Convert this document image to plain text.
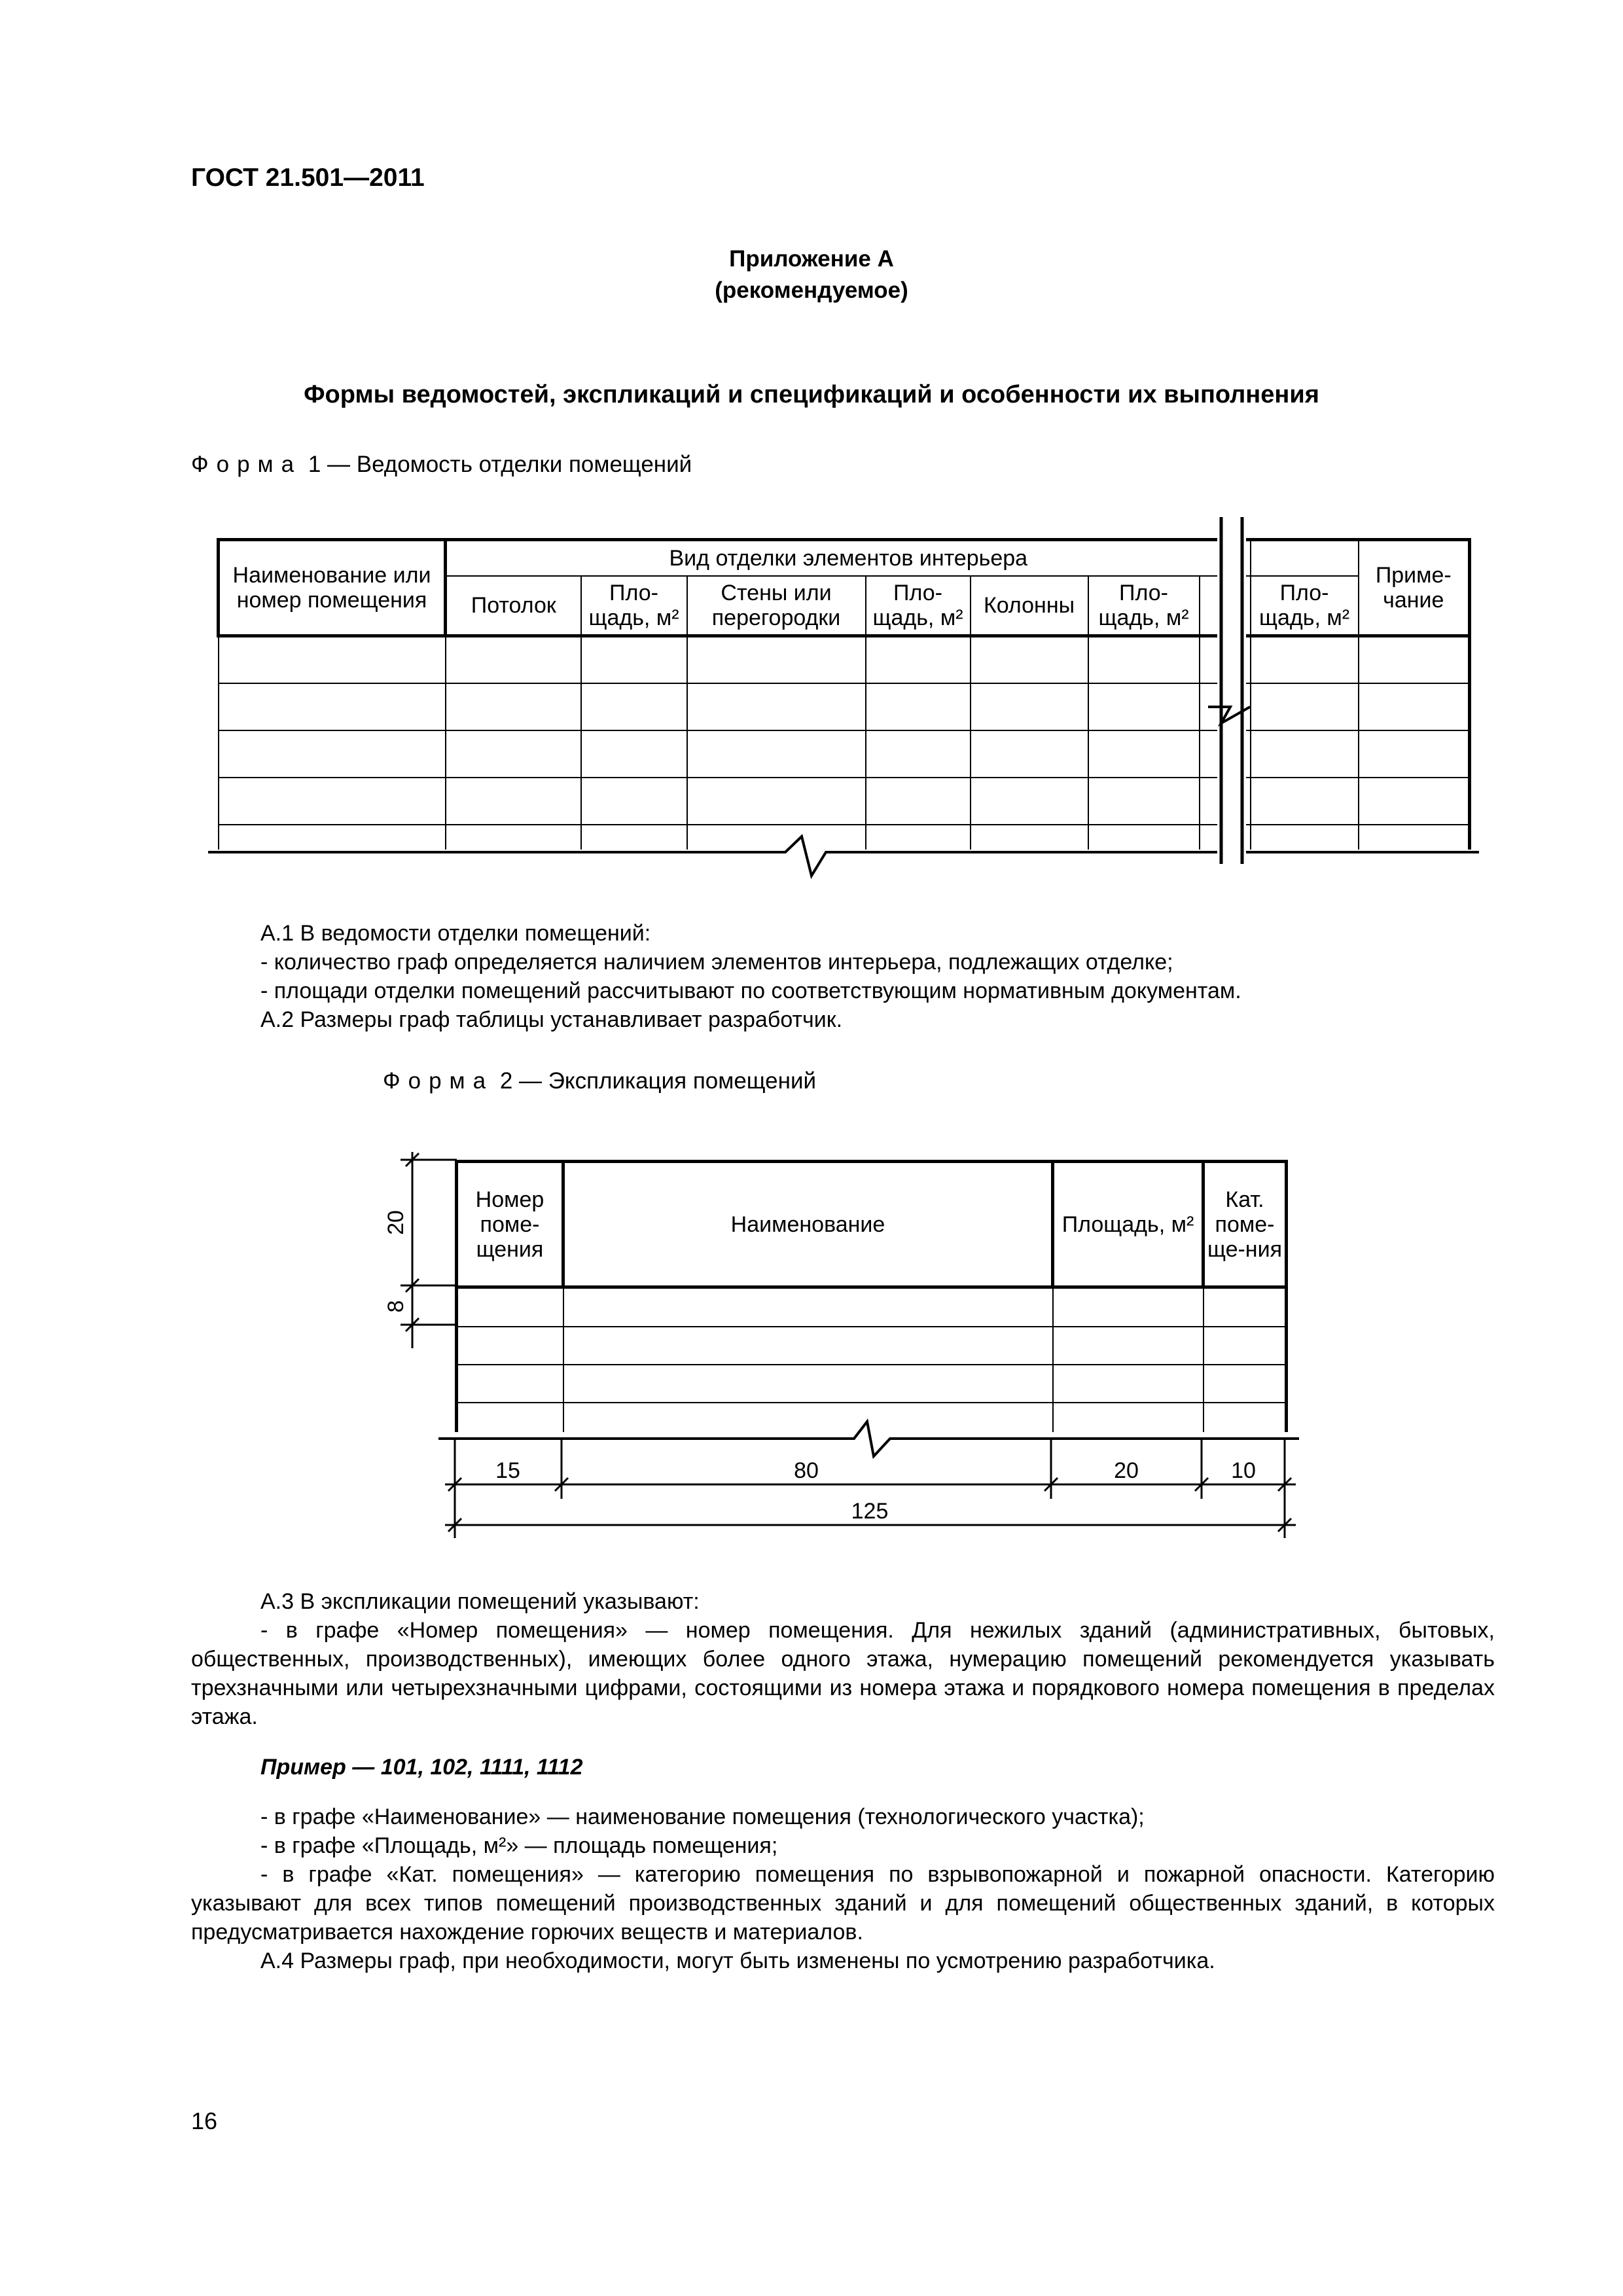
ГОСТ 21.501—2011
Приложение А
(рекомендуемое)
Формы ведомостей, экспликаций и спецификаций и особенности их выполнения
Форма 1 — Ведомость отделки помещений
Наименование или номер помещения	Вид отделки элементов интерьера								Приме-чание
	Потолок	Пло-щадь, м²	Стены или перегородки	Пло-щадь, м²	Колонны	Пло-щадь, м²		Пло-щадь, м²	

А.1 В ведомости отделки помещений:
- количество граф определяется наличием элементов интерьера, подлежащих отделке;
- площади отделки помещений рассчитывают по соответствующим нормативным документам.
А.2 Размеры граф таблицы устанавливает разработчик.
Форма 2 — Экспликация помещений
Номер поме-щения	Наименование	Площадь, м²	Кат. поме-ще-ния

20
8
15	80	20	10
125
А.3 В экспликации помещений указывают:
- в графе «Номер помещения» — номер помещения. Для нежилых зданий (административных, бытовых, общественных, производственных), имеющих более одного этажа, нумерацию помещений рекомендуется указывать трехзначными или четырехзначными цифрами, состоящими из номера этажа и порядкового номера помещения в пределах этажа.
Пример — 101, 102, 1111, 1112
- в графе «Наименование» — наименование помещения (технологического участка);
- в графе «Площадь, м²» — площадь помещения;
- в графе «Кат. помещения» — категорию помещения по взрывопожарной и пожарной опасности. Категорию указывают для всех типов помещений производственных зданий и для помещений общественных зданий, в которых предусматривается нахождение горючих веществ и материалов.
А.4 Размеры граф, при необходимости, могут быть изменены по усмотрению разработчика.
16
